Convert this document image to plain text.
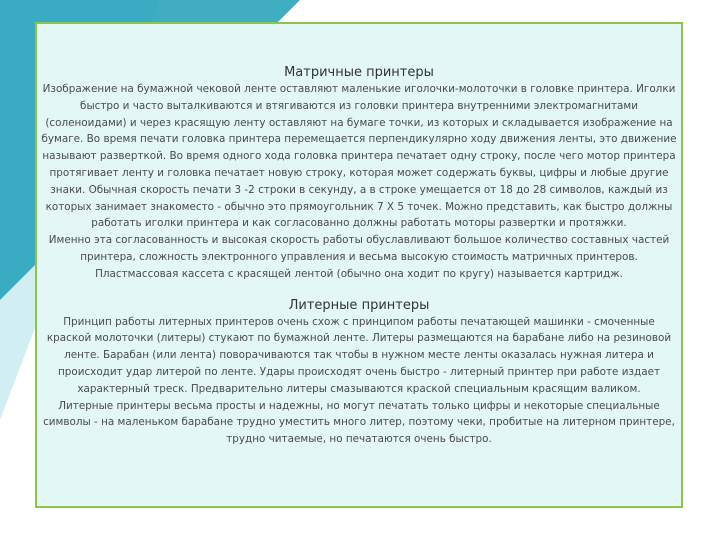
Матричные принтеры

Изображение на бумажной чековой ленте оставляют маленькие иголочки-молоточки в головке принтера. Иголки быстро и часто выталкиваются и втягиваются из головки принтера внутренними электромагнитами (соленоидами) и через красящую ленту оставляют на бумаге точки, из которых и складывается изображение на бумаге. Во время печати головка принтера перемещается перпендикулярно ходу движения ленты, это движение называют разверткой. Во время одного хода головка принтера печатает одну строку, после чего мотор принтера протягивает ленту и головка печатает новую строку, которая может содержать буквы, цифры и любые другие знаки. Обычная скорость печати 3 -2 строки в секунду, а в строке умещается от 18 до 28 символов, каждый из которых занимает знакоместо - обычно это прямоугольник 7 Х 5 точек. Можно представить, как быстро должны работать иголки принтера и как согласованно должны работать моторы развертки и протяжки.

Именно эта согласованность и высокая скорость работы обуславливают большое количество составных частей принтера, сложность электронного управления и весьма высокую стоимость матричных принтеров. Пластмассовая кассета с красящей лентой (обычно она ходит по кругу) называется картридж.

Литерные принтеры

Принцип работы литерных принтеров очень схож с принципом работы печатающей машинки - смоченные краской молоточки (литеры) стукают по бумажной ленте. Литеры размещаются на барабане либо на резиновой ленте. Барабан (или лента) поворачиваются так чтобы в нужном месте ленты оказалась нужная литера и происходит удар литерой по ленте. Удары происходят очень быстро - литерный принтер при работе издает характерный треск. Предварительно литеры смазываются краской специальным красящим валиком.

Литерные принтеры весьма просты и надежны, но могут печатать только цифры и некоторые специальные символы - на маленьком барабане трудно уместить много литер, поэтому чеки, пробитые на литерном принтере, трудно читаемые, но печатаются очень быстро.
